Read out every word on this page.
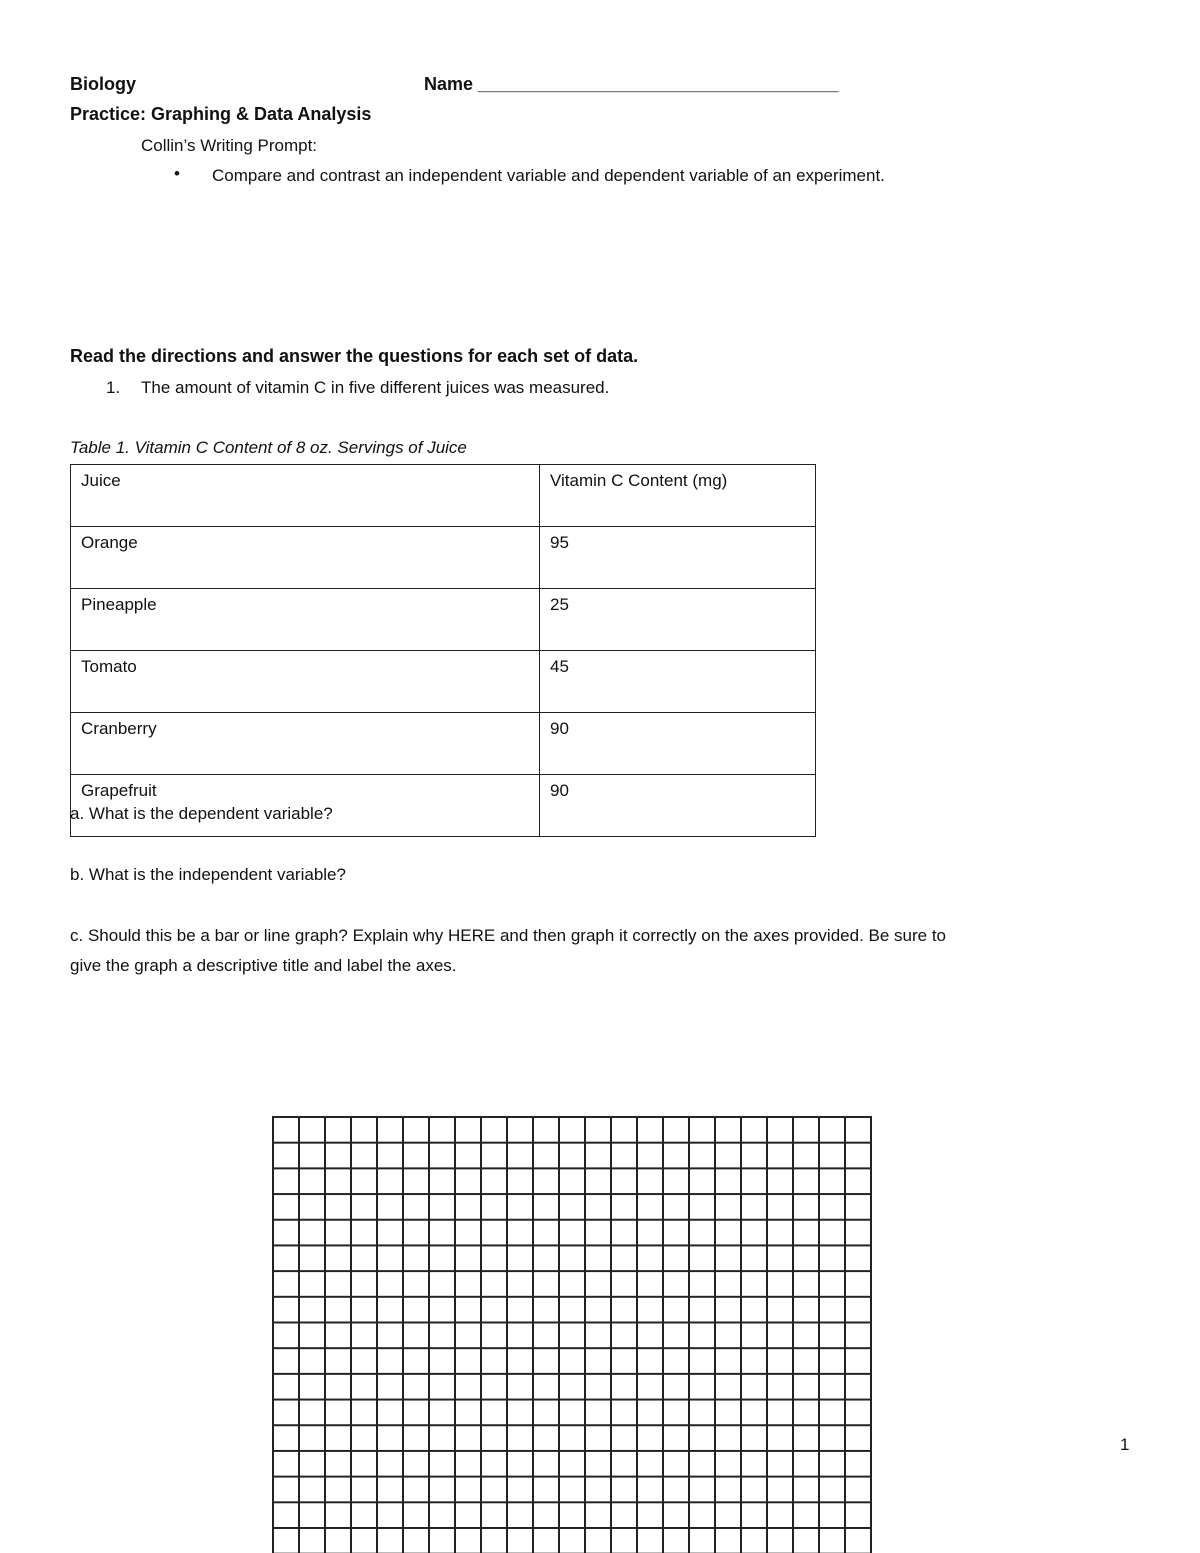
Biology	Name ____________________________________
Practice: Graphing & Data Analysis
Collin’s Writing Prompt:
• Compare and contrast an independent variable and dependent variable of an experiment.
Read the directions and answer the questions for each set of data.
1. The amount of vitamin C in five different juices was measured.
Table 1. Vitamin C Content of 8 oz. Servings of Juice
Juice	Vitamin C Content (mg)
Orange	95
Pineapple	25
Tomato	45
Cranberry	90
Grapefruit	90
a. What is the dependent variable?
b. What is the independent variable?
c. Should this be a bar or line graph? Explain why HERE and then graph it correctly on the axes provided. Be sure to
give the graph a descriptive title and label the axes.
1
